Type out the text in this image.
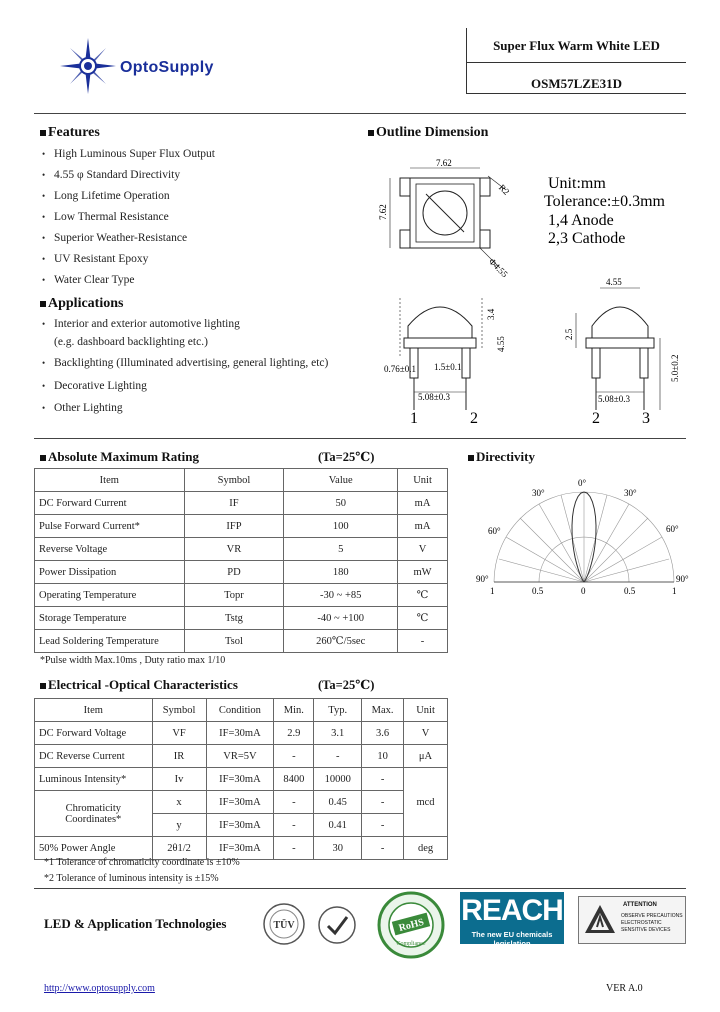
OptoSupply
Super Flux Warm White LED
OSM57LZE31D
Features
• High Luminous Super Flux Output
• 4.55 φ Standard Directivity
• Long Lifetime Operation
• Low Thermal Resistance
• Superior Weather-Resistance
• UV Resistant Epoxy
• Water Clear Type
Applications
• Interior and exterior automotive lighting
(e.g. dashboard backlighting etc.)
• Backlighting (Illuminated advertising, general lighting, etc)
• Decorative Lighting
• Other Lighting
Outline Dimension
7.62
7.62
R2
Φ4.55
Unit:mm
Tolerance:±0.3mm
1,4 Anode
2,3 Cathode
3.4
4.55
0.76±0.1 1.5±0.1
5.08±0.3
1	2
4.55
2.5
5.0±0.2
5.08±0.3
2	3
Absolute Maximum Rating	(Ta=25℃)
Item	Symbol	Value	Unit
DC Forward Current	IF	50	mA
Pulse Forward Current*	IFP	100	mA
Reverse Voltage	VR	5	V
Power Dissipation	PD	180	mW
Operating Temperature	Topr	-30 ~ +85	℃
Storage Temperature	Tstg	-40 ~ +100	℃
Lead Soldering Temperature	Tsol	260℃/5sec	-
*Pulse width Max.10ms , Duty ratio max 1/10
Directivity
30°
0°
30°
60°	60°
90°	90°
1	0.5	0	0.5	1
Electrical -Optical Characteristics	(Ta=25℃)
Item	Symbol	Condition	Min.	Typ.	Max.	Unit
DC Forward Voltage	VF	IF=30mA	2.9	3.1	3.6	V
DC Reverse Current	IR	VR=5V	-	-	10	μA
Luminous Intensity*	Iv	IF=30mA	8400	10000	-	mcd
Chromaticity Coordinates*	x	IF=30mA	-	0.45	-	
	y	IF=30mA	-	0.41	-	
50% Power Angle	2θ1/2	IF=30mA	-	30	-	deg
*1 Tolerance of chromaticity coordinate is ±10%
*2 Tolerance of luminous intensity is ±15%
LED & Application Technologies	TÜV	RoHS
Compliance
REACH
The new EU chemicals legislation
ATTENTION
OBSERVE PRECAUTIONS
ELECTROSTATIC
SENSITIVE DEVICES
http://www.optosupply.com	VER A.0
